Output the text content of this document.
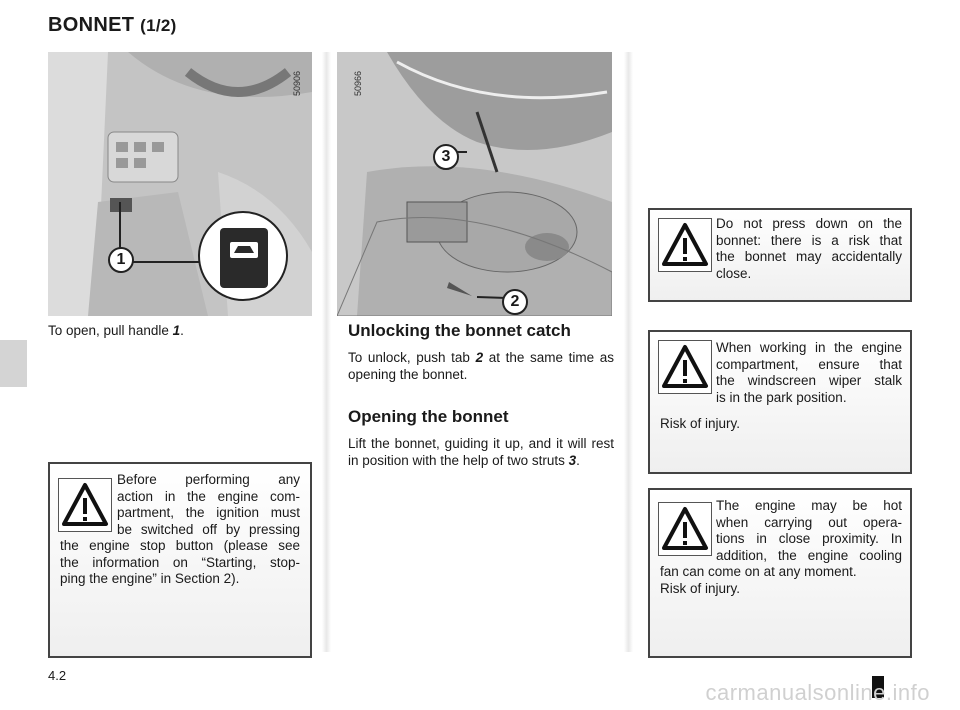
BONNET (1/2)
50906
1
50966
3
2
To open, pull handle 1.
Before performing any
action in the engine com-
partment, the ignition must
be switched off by pressing
the engine stop button (please see
the information on “Starting, stop-
ping the engine” in Section 2).
Unlocking the bonnet catch
To unlock, push tab 2 at the same time as opening the bonnet.
Opening the bonnet
Lift the bonnet, guiding it up, and it will rest in position with the help of two struts 3.
Do not press down on the
bonnet: there is a risk that
the bonnet may accidentally
close.
When working in the engine
compartment, ensure that
the windscreen wiper stalk
is in the park position.
Risk of injury.
The engine may be hot
when carrying out opera-
tions in close proximity. In
addition, the engine cooling
fan can come on at any moment.
Risk of injury.
4.2
carmanualsonline.info
